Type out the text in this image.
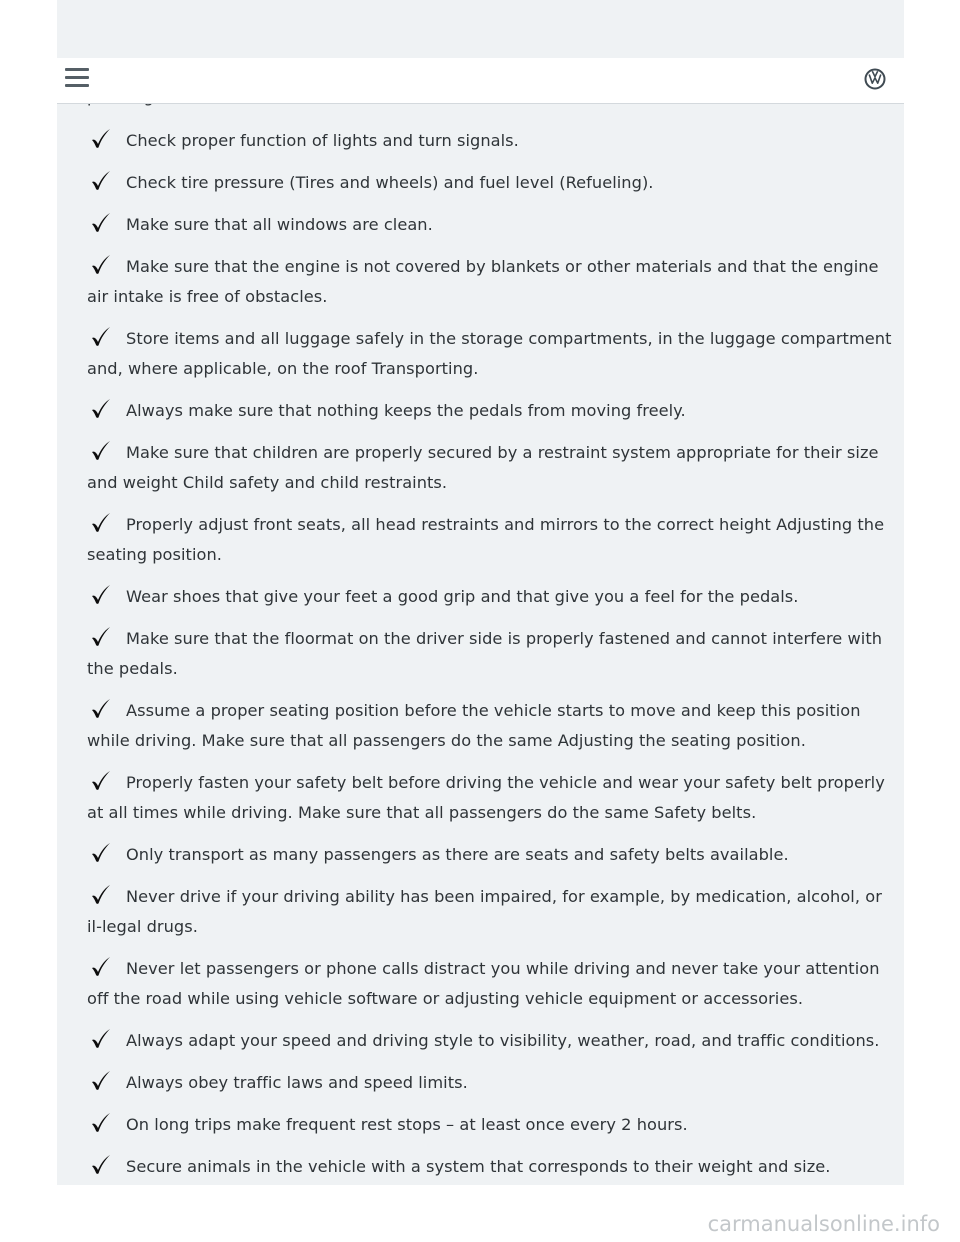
Check proper function of lights and turn signals.
Check tire pressure (Tires and wheels) and fuel level (Refueling).
Make sure that all windows are clean.
Make sure that the engine is not covered by blankets or other materials and that the engine air intake is free of obstacles.
Store items and all luggage safely in the storage compartments, in the luggage compartment and, where applicable, on the roof Transporting.
Always make sure that nothing keeps the pedals from moving freely.
Make sure that children are properly secured by a restraint system appropriate for their size and weight Child safety and child restraints.
Properly adjust front seats, all head restraints and mirrors to the correct height Adjusting the seating position.
Wear shoes that give your feet a good grip and that give you a feel for the pedals.
Make sure that the floormat on the driver side is properly fastened and cannot interfere with the pedals.
Assume a proper seating position before the vehicle starts to move and keep this position while driving. Make sure that all passengers do the same Adjusting the seating position.
Properly fasten your safety belt before driving the vehicle and wear your safety belt properly at all times while driving. Make sure that all passengers do the same Safety belts.
Only transport as many passengers as there are seats and safety belts available.
Never drive if your driving ability has been impaired, for example, by medication, alcohol, or il-legal drugs.
Never let passengers or phone calls distract you while driving and never take your attention off the road while using vehicle software or adjusting vehicle equipment or accessories.
Always adapt your speed and driving style to visibility, weather, road, and traffic conditions.
Always obey traffic laws and speed limits.
On long trips make frequent rest stops – at least once every 2 hours.
Secure animals in the vehicle with a system that corresponds to their weight and size.
carmanualsonline.info
